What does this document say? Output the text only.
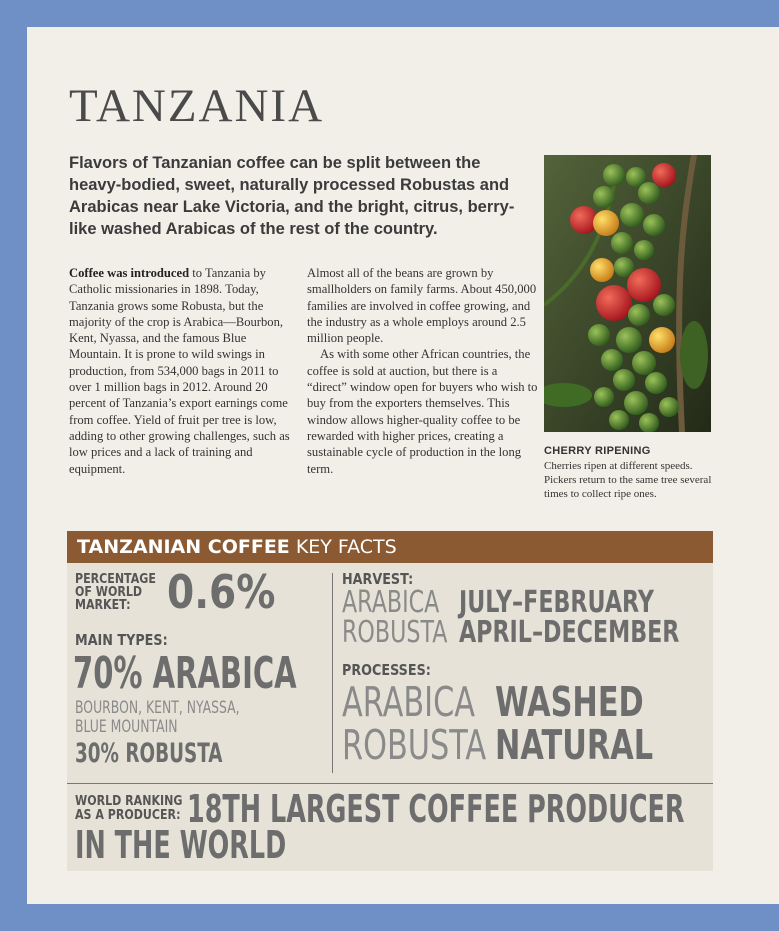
TANZANIA

Flavors of Tanzanian coffee can be split between the heavy-bodied, sweet, naturally processed Robustas and Arabicas near Lake Victoria, and the bright, citrus, berry-like washed Arabicas of the rest of the country.

Coffee was introduced to Tanzania by Catholic missionaries in 1898. Today, Tanzania grows some Robusta, but the majority of the crop is Arabica—Bourbon, Kent, Nyassa, and the famous Blue Mountain. It is prone to wild swings in production, from 534,000 bags in 2011 to over 1 million bags in 2012. Around 20 percent of Tanzania’s export earnings come from coffee. Yield of fruit per tree is low, adding to other growing challenges, such as low prices and a lack of training and equipment.

Almost all of the beans are grown by smallholders on family farms. About 450,000 families are involved in coffee growing, and the industry as a whole employs around 2.5 million people.

As with some other African countries, the coffee is sold at auction, but there is a “direct” window open for buyers who wish to buy from the exporters themselves. This window allows higher-quality coffee to be rewarded with higher prices, creating a sustainable cycle of production in the long term.

CHERRY RIPENING

Cherries ripen at different speeds. Pickers return to the same tree several times to collect ripe ones.

TANZANIAN COFFEE KEY FACTS
PERCENTAGE
OF WORLD
MARKET: 0.6%
MAIN TYPES:
70% ARABICA
BOURBON, KENT, NYASSA,
BLUE MOUNTAIN
30% ROBUSTA
HARVEST:
ARABICA JULY–FEBRUARY
ROBUSTA APRIL–DECEMBER
PROCESSES:
ARABICA WASHED
ROBUSTA NATURAL
WORLD RANKING
AS A PRODUCER: 18TH LARGEST COFFEE PRODUCER
IN THE WORLD
